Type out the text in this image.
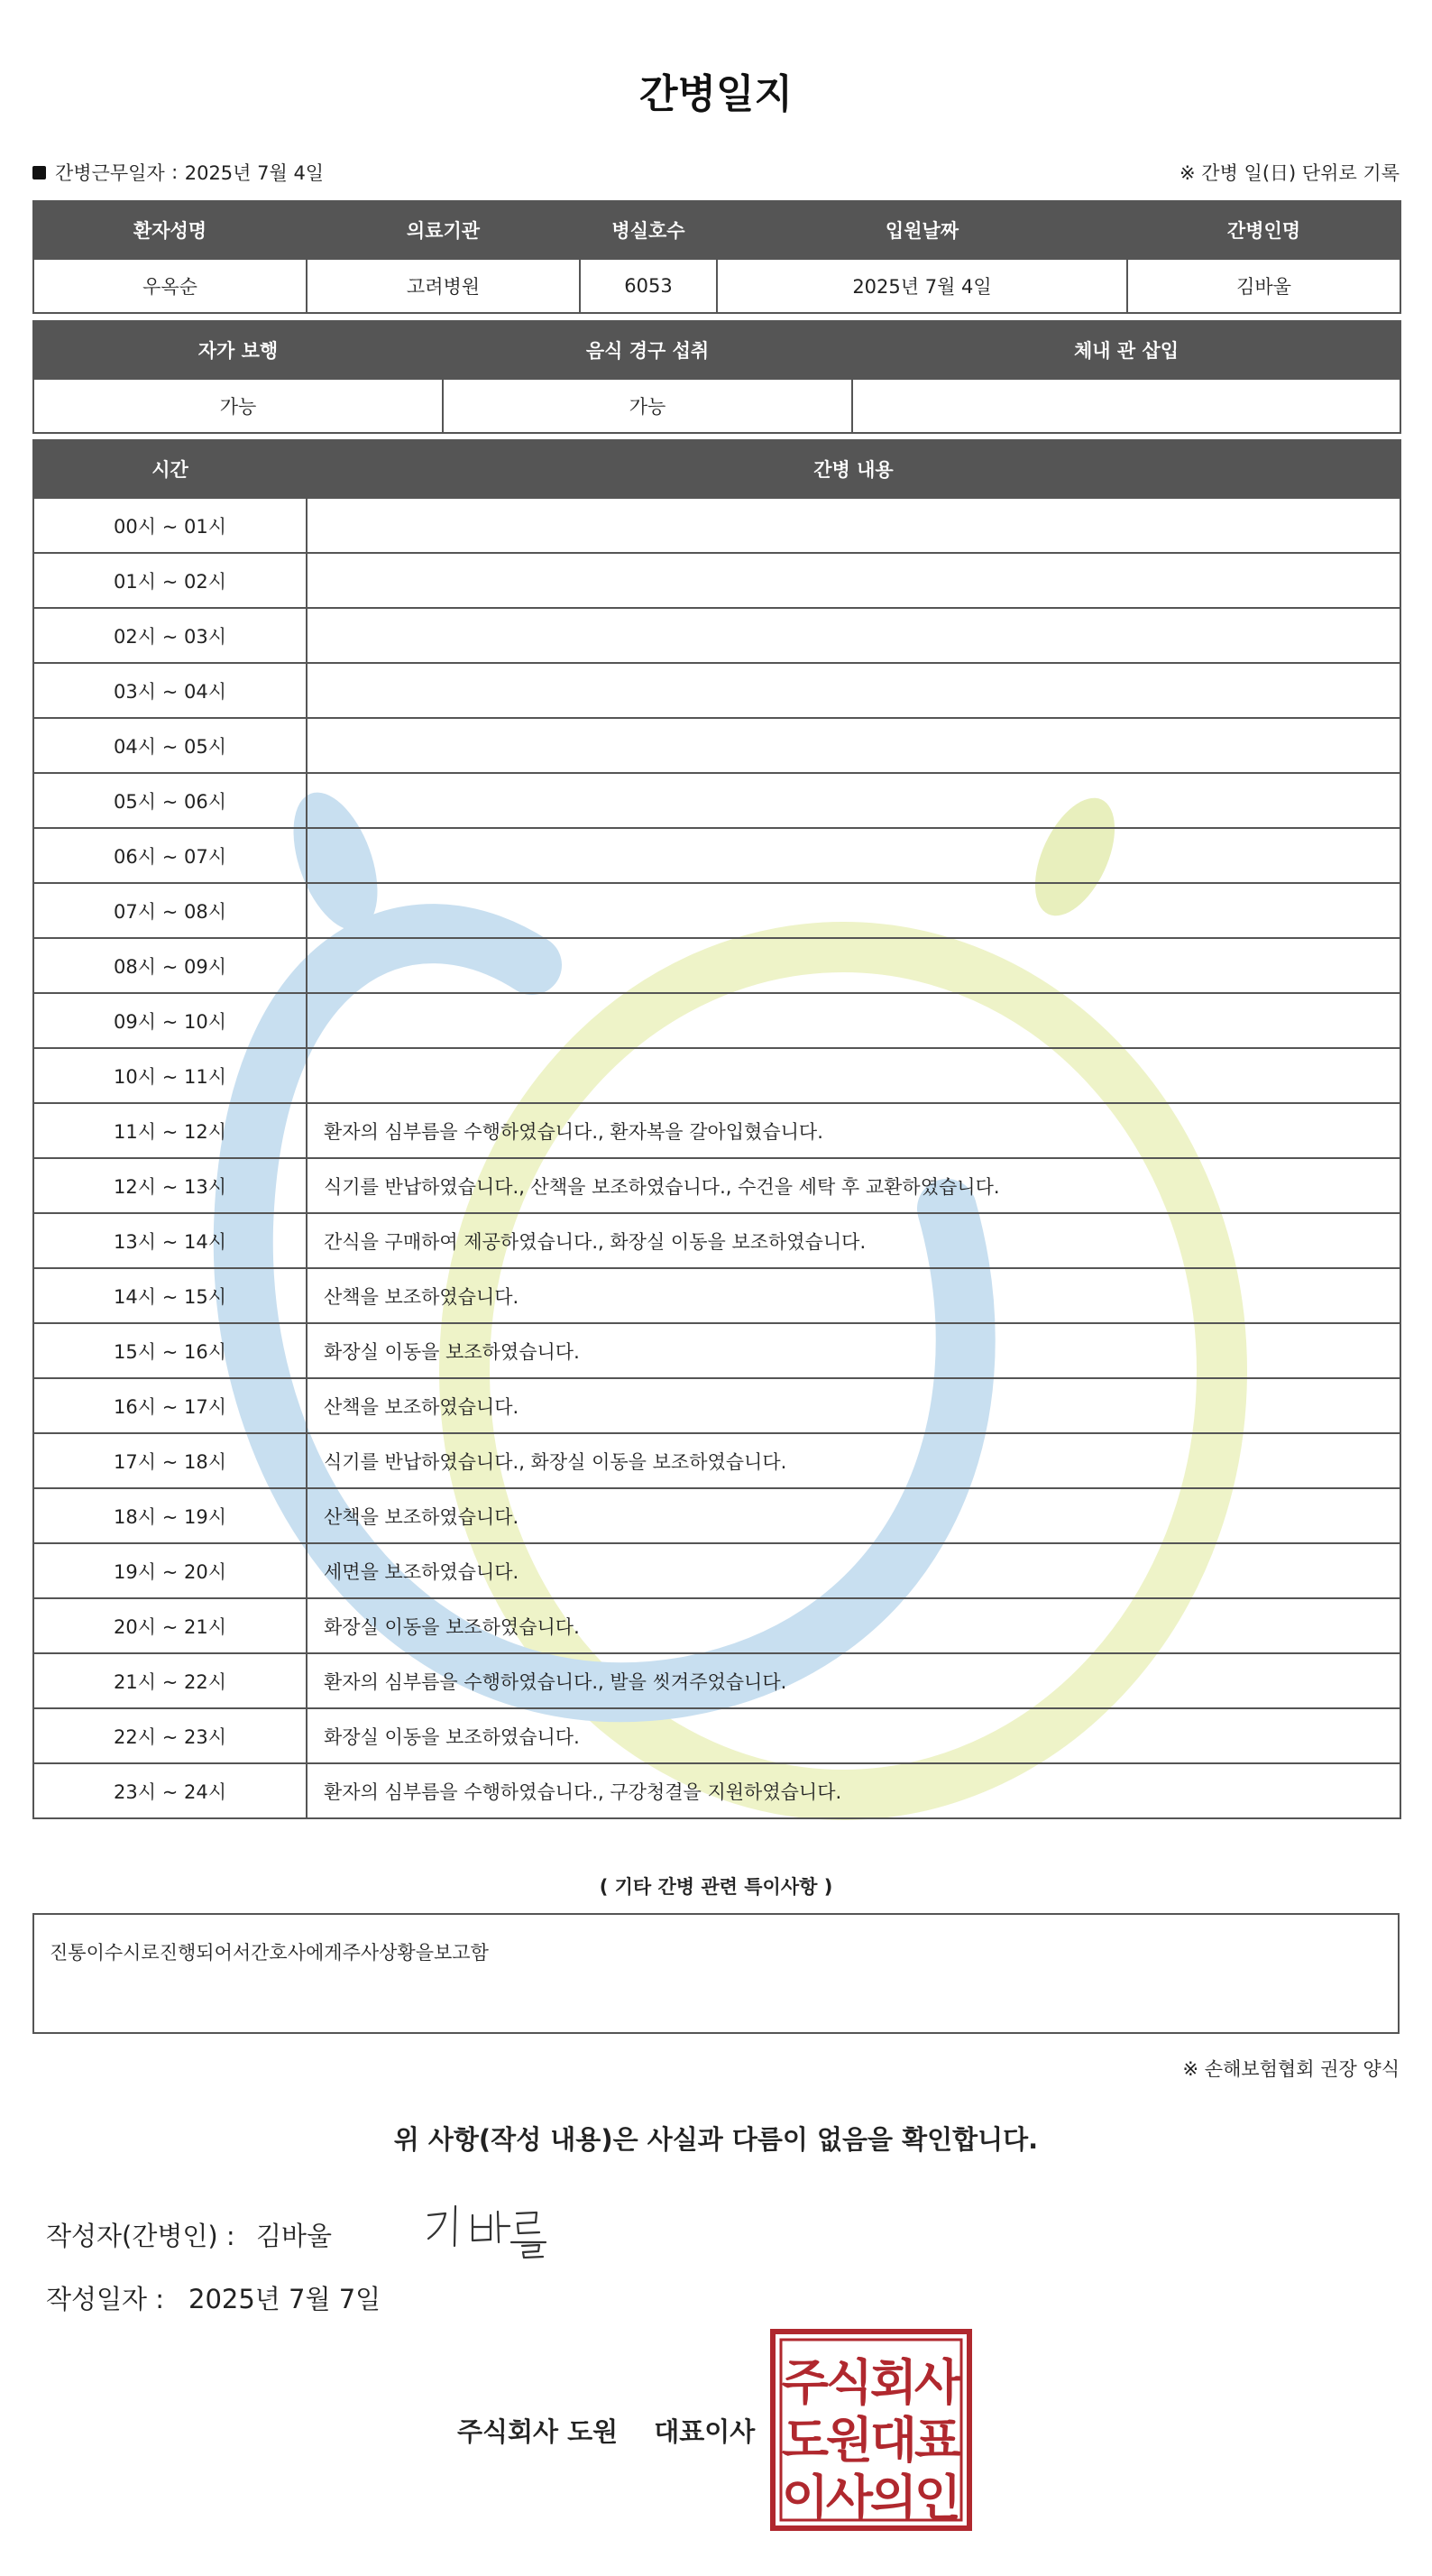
간병일지
간병근무일자 : 2025년 7월 4일	※ 간병 일(日) 단위로 기록
환자성명	의료기관	병실호수	입원날짜	간병인명
우옥순	고려병원	6053	2025년 7월 4일	김바울
자가 보행	음식 경구 섭취	체내 관 삽입
가능	가능	
시간	간병 내용
00시 ~ 01시	
01시 ~ 02시	
02시 ~ 03시	
03시 ~ 04시	
04시 ~ 05시	
05시 ~ 06시	
06시 ~ 07시	
07시 ~ 08시	
08시 ~ 09시	
09시 ~ 10시	
10시 ~ 11시	
11시 ~ 12시	환자의 심부름을 수행하였습니다., 환자복을 갈아입혔습니다.
12시 ~ 13시	식기를 반납하였습니다., 산책을 보조하였습니다., 수건을 세탁 후 교환하였습니다.
13시 ~ 14시	간식을 구매하여 제공하였습니다., 화장실 이동을 보조하였습니다.
14시 ~ 15시	산책을 보조하였습니다.
15시 ~ 16시	화장실 이동을 보조하였습니다.
16시 ~ 17시	산책을 보조하였습니다.
17시 ~ 18시	식기를 반납하였습니다., 화장실 이동을 보조하였습니다.
18시 ~ 19시	산책을 보조하였습니다.
19시 ~ 20시	세면을 보조하였습니다.
20시 ~ 21시	화장실 이동을 보조하였습니다.
21시 ~ 22시	환자의 심부름을 수행하였습니다., 발을 씻겨주었습니다.
22시 ~ 23시	화장실 이동을 보조하였습니다.
23시 ~ 24시	환자의 심부름을 수행하였습니다., 구강청결을 지원하였습니다.
( 기타 간병 관련 특이사항 )
진통이수시로진행되어서간호사에게주사상황을보고함
※ 손해보험협회 권장 양식
위 사항(작성 내용)은 사실과 다름이 없음을 확인합니다.
작성자(간병인) : 김바울
작성일자 : 2025년 7월 7일
주식회사 도원 대표이사
주
식
회
사
도
원
대
표
이
사
의
인
